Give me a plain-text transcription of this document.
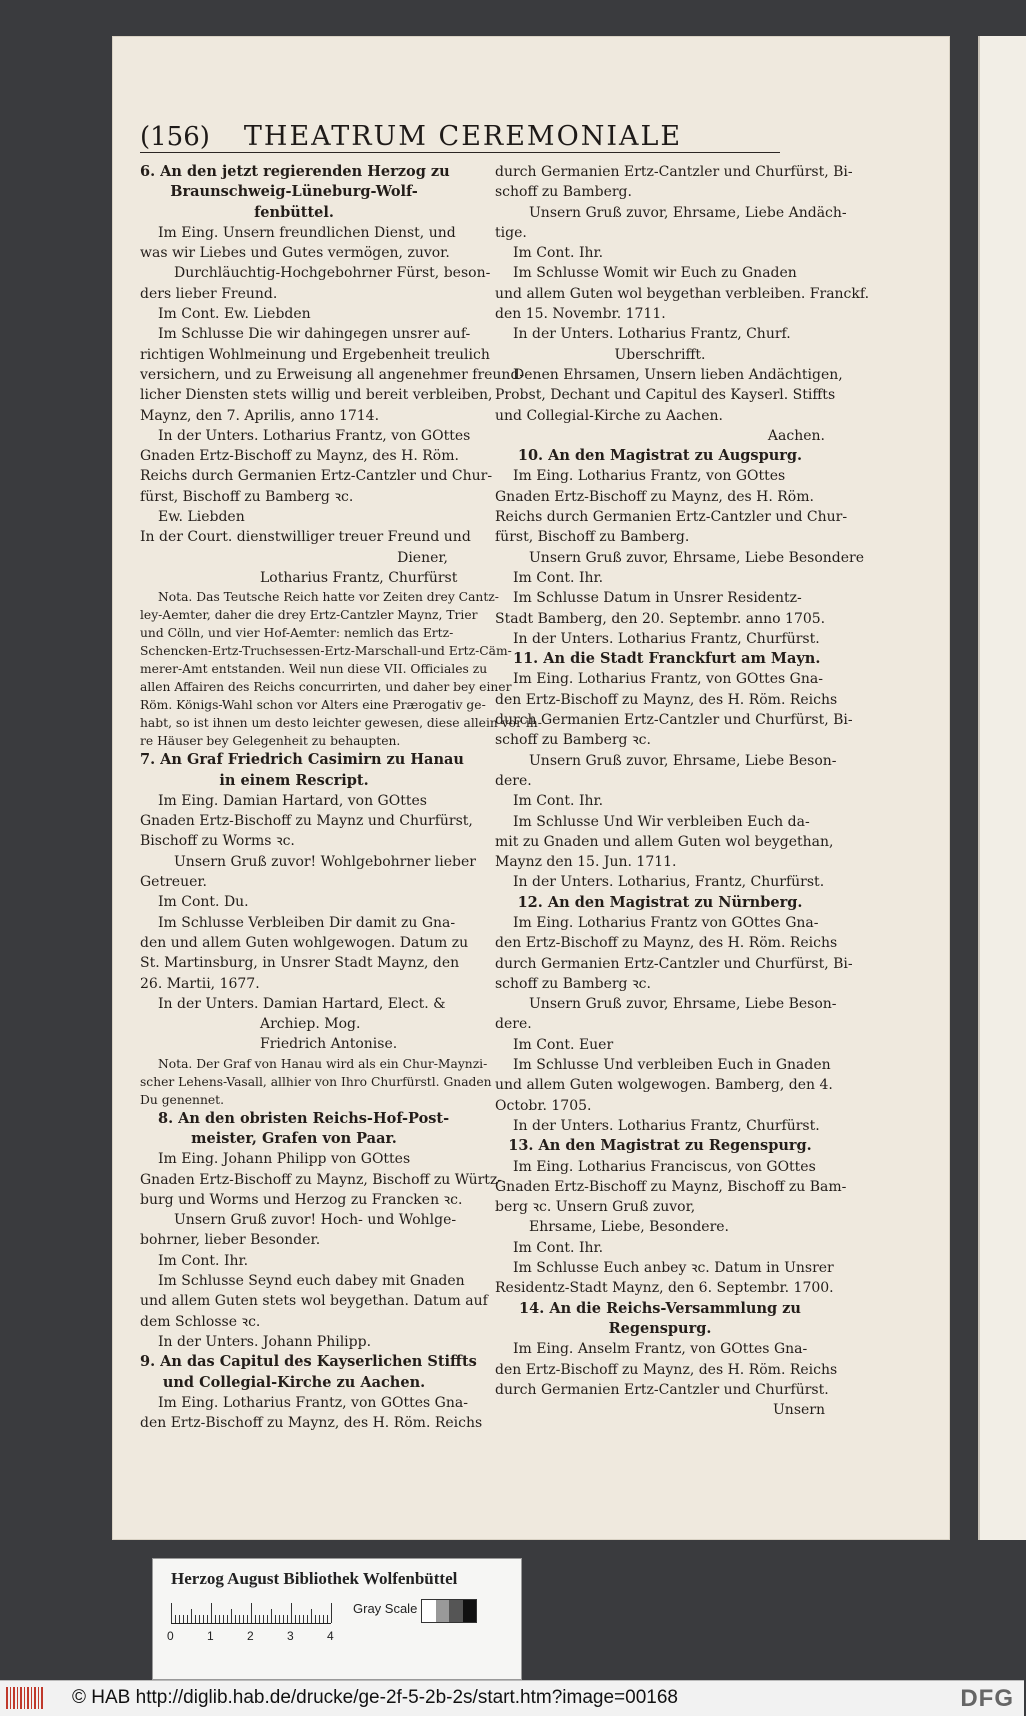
(156) THEATRUM CEREMONIALE
6. An den jetzt regierenden Herzog zu
Braunschweig-Lüneburg-Wolf-
fenbüttel.
Im Eing. Unsern freundlichen Dienst, und
was wir Liebes und Gutes vermögen, zuvor.
Durchläuchtig-Hochgebohrner Fürst, beson-
ders lieber Freund.
Im Cont. Ew. Liebden
Im Schlusse Die wir dahingegen unsrer auf-
richtigen Wohlmeinung und Ergebenheit treulich
versichern, und zu Erweisung all angenehmer freund-
licher Diensten stets willig und bereit verbleiben,
Maynz, den 7. Aprilis, anno 1714.
In der Unters. Lotharius Frantz, von GOttes
Gnaden Ertz-Bischoff zu Maynz, des H. Röm.
Reichs durch Germanien Ertz-Cantzler und Chur-
fürst, Bischoff zu Bamberg ꝛc.
Ew. Liebden
In der Court. dienstwilliger treuer Freund und
Diener,
Lotharius Frantz, Churfürst
Nota. Das Teutsche Reich hatte vor Zeiten drey Cantz-
ley-Aemter, daher die drey Ertz-Cantzler Maynz, Trier
und Cölln, und vier Hof-Aemter: nemlich das Ertz-
Schencken-Ertz-Truchsessen-Ertz-Marschall-und Ertz-Cäm-
merer-Amt entstanden. Weil nun diese VII. Officiales zu
allen Affairen des Reichs concurrirten, und daher bey einer
Röm. Königs-Wahl schon vor Alters eine Prærogativ ge-
habt, so ist ihnen um desto leichter gewesen, diese allein vor ih-
re Häuser bey Gelegenheit zu behaupten.
7. An Graf Friedrich Casimirn zu Hanau
in einem Rescript.
Im Eing. Damian Hartard, von GOttes
Gnaden Ertz-Bischoff zu Maynz und Churfürst,
Bischoff zu Worms ꝛc.
Unsern Gruß zuvor! Wohlgebohrner lieber
Getreuer.
Im Cont. Du.
Im Schlusse Verbleiben Dir damit zu Gna-
den und allem Guten wohlgewogen. Datum zu
St. Martinsburg, in Unsrer Stadt Maynz, den
26. Martii, 1677.
In der Unters. Damian Hartard, Elect. &
Archiep. Mog.
Friedrich Antonise.
Nota. Der Graf von Hanau wird als ein Chur-Maynzi-
scher Lehens-Vasall, allhier von Ihro Churfürstl. Gnaden
Du genennet.
8. An den obristen Reichs-Hof-Post-
meister, Grafen von Paar.
Im Eing. Johann Philipp von GOttes
Gnaden Ertz-Bischoff zu Maynz, Bischoff zu Würtz-
burg und Worms und Herzog zu Francken ꝛc.
Unsern Gruß zuvor! Hoch- und Wohlge-
bohrner, lieber Besonder.
Im Cont. Ihr.
Im Schlusse Seynd euch dabey mit Gnaden
und allem Guten stets wol beygethan. Datum auf
dem Schlosse ꝛc.
In der Unters. Johann Philipp.
9. An das Capitul des Kayserlichen Stiffts
und Collegial-Kirche zu Aachen.
Im Eing. Lotharius Frantz, von GOttes Gna-
den Ertz-Bischoff zu Maynz, des H. Röm. Reichs
durch Germanien Ertz-Cantzler und Churfürst, Bi-
schoff zu Bamberg.
Unsern Gruß zuvor, Ehrsame, Liebe Andäch-
tige.
Im Cont. Ihr.
Im Schlusse Womit wir Euch zu Gnaden
und allem Guten wol beygethan verbleiben. Franckf.
den 15. Novembr. 1711.
In der Unters. Lotharius Frantz, Churf.
Uberschrifft.
Denen Ehrsamen, Unsern lieben Andächtigen,
Probst, Dechant und Capitul des Kayserl. Stiffts
und Collegial-Kirche zu Aachen.
Aachen.
10. An den Magistrat zu Augspurg.
Im Eing. Lotharius Frantz, von GOttes
Gnaden Ertz-Bischoff zu Maynz, des H. Röm.
Reichs durch Germanien Ertz-Cantzler und Chur-
fürst, Bischoff zu Bamberg.
Unsern Gruß zuvor, Ehrsame, Liebe Besondere
Im Cont. Ihr.
Im Schlusse Datum in Unsrer Residentz-
Stadt Bamberg, den 20. Septembr. anno 1705.
In der Unters. Lotharius Frantz, Churfürst.
11. An die Stadt Franckfurt am Mayn.
Im Eing. Lotharius Frantz, von GOttes Gna-
den Ertz-Bischoff zu Maynz, des H. Röm. Reichs
durch Germanien Ertz-Cantzler und Churfürst, Bi-
schoff zu Bamberg ꝛc.
Unsern Gruß zuvor, Ehrsame, Liebe Beson-
dere.
Im Cont. Ihr.
Im Schlusse Und Wir verbleiben Euch da-
mit zu Gnaden und allem Guten wol beygethan,
Maynz den 15. Jun. 1711.
In der Unters. Lotharius, Frantz, Churfürst.
12. An den Magistrat zu Nürnberg.
Im Eing. Lotharius Frantz von GOttes Gna-
den Ertz-Bischoff zu Maynz, des H. Röm. Reichs
durch Germanien Ertz-Cantzler und Churfürst, Bi-
schoff zu Bamberg ꝛc.
Unsern Gruß zuvor, Ehrsame, Liebe Beson-
dere.
Im Cont. Euer
Im Schlusse Und verbleiben Euch in Gnaden
und allem Guten wolgewogen. Bamberg, den 4.
Octobr. 1705.
In der Unters. Lotharius Frantz, Churfürst.
13. An den Magistrat zu Regenspurg.
Im Eing. Lotharius Franciscus, von GOttes
Gnaden Ertz-Bischoff zu Maynz, Bischoff zu Bam-
berg ꝛc. Unsern Gruß zuvor,
Ehrsame, Liebe, Besondere.
Im Cont. Ihr.
Im Schlusse Euch anbey ꝛc. Datum in Unsrer
Residentz-Stadt Maynz, den 6. Septembr. 1700.
14. An die Reichs-Versammlung zu
Regenspurg.
Im Eing. Anselm Frantz, von GOttes Gna-
den Ertz-Bischoff zu Maynz, des H. Röm. Reichs
durch Germanien Ertz-Cantzler und Churfürst.
Unsern
Herzog August Bibliothek Wolfenbüttel
0	1	2	3	4
Gray Scale
© HAB http://diglib.hab.de/drucke/ge-2f-5-2b-2s/start.htm?image=00168	DFG
